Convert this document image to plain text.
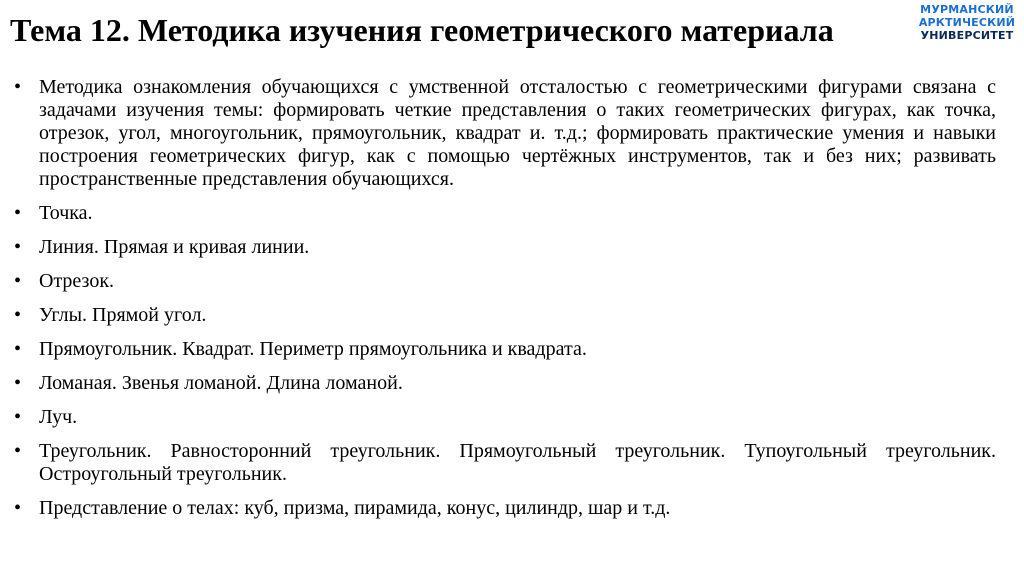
Тема 12. Методика изучения геометрического материала
МУРМАНСКИЙ
АРКТИЧЕСКИЙ
УНИВЕРСИТЕТ
• Методика ознакомления обучающихся с умственной отсталостью с геометрическими фигурами связана с задачами изучения темы: формировать четкие представления о таких геометрических фигурах, как точка, отрезок, угол, многоугольник, прямоугольник, квадрат и. т.д.; формировать практические умения и навыки построения геометрических фигур, как с помощью чертёжных инструментов, так и без них; развивать пространственные представления обучающихся.
• Точка.
• Линия. Прямая и кривая линии.
• Отрезок.
• Углы. Прямой угол.
• Прямоугольник. Квадрат. Периметр прямоугольника и квадрата.
• Ломаная. Звенья ломаной. Длина ломаной.
• Луч.
• Треугольник. Равносторонний треугольник. Прямоугольный треугольник. Тупоугольный треугольник. Остроугольный треугольник.
• Представление о телах: куб, призма, пирамида, конус, цилиндр, шар и т.д.
